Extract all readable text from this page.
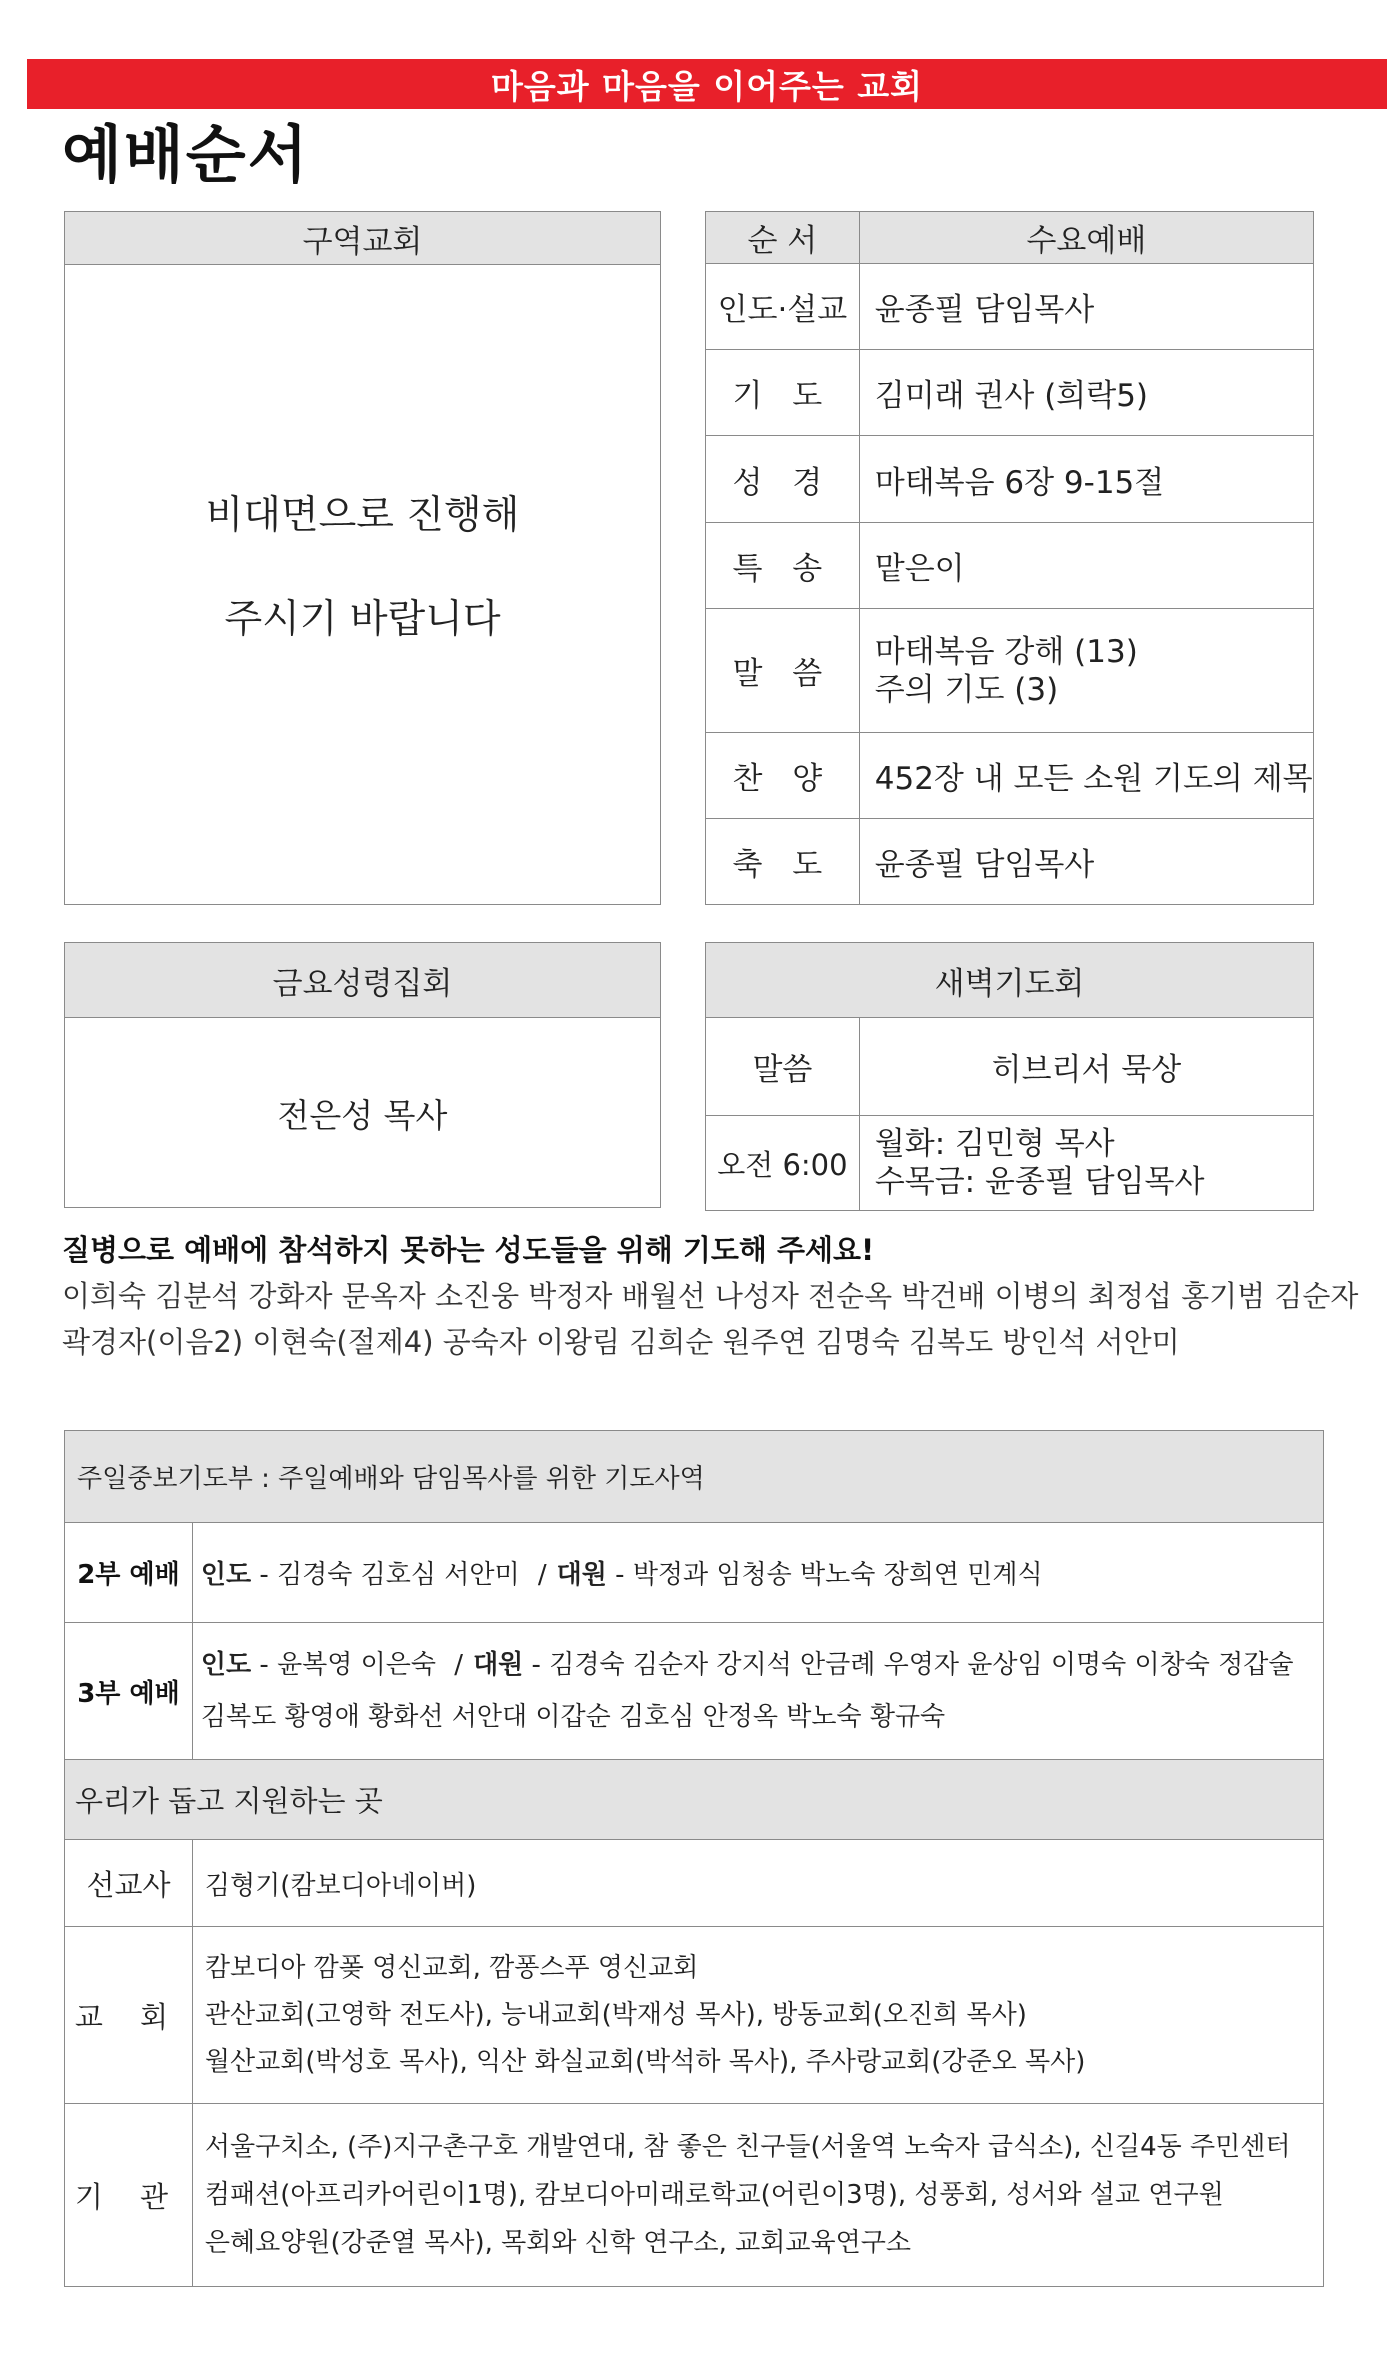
마음과 마음을 이어주는 교회
예배순서
구역교회
비대면으로 진행해
주시기 바랍니다
순 서	수요예배
인도·설교	윤종필 담임목사
기 도	김미래 권사 (희락5)
성 경	마태복음 6장 9-15절
특 송	맡은이
말 씀	마태복음 강해 (13)
주의 기도 (3)

찬 양	452장 내 모든 소원 기도의 제목
축 도	윤종필 담임목사
금요성령집회
전은성 목사
새벽기도회	
말씀	히브리서 묵상
오전 6:00	월화: 김민형 목사
수목금: 윤종필 담임목사
질병으로 예배에 참석하지 못하는 성도들을 위해 기도해 주세요!
이희숙 김분석 강화자 문옥자 소진웅 박정자 배월선 나성자 전순옥 박건배 이병의 최정섭 홍기범 김순자
곽경자(이음2) 이현숙(절제4) 공숙자 이왕림 김희순 원주연 김명숙 김복도 방인석 서안미
주일중보기도부 : 주일예배와 담임목사를 위한 기도사역	
2부 예배	인도 - 김경숙 김호심 서안미 / 대원 - 박정과 임청송 박노숙 장희연 민계식
3부 예배	인도 - 윤복영 이은숙 / 대원 - 김경숙 김순자 강지석 안금례 우영자 윤상임 이명숙 이창숙 정갑술
김복도 황영애 황화선 서안대 이갑순 김호심 안정옥 박노숙 황규숙

우리가 돕고 지원하는 곳	
선교사	김형기(캄보디아네이버)
교 회	캄보디아 깜퐂 영신교회, 깜퐁스푸 영신교회
관산교회(고영학 전도사), 능내교회(박재성 목사), 방동교회(오진희 목사)
월산교회(박성호 목사), 익산 화실교회(박석하 목사), 주사랑교회(강준오 목사)

기 관	서울구치소, (주)지구촌구호 개발연대, 참 좋은 친구들(서울역 노숙자 급식소), 신길4동 주민센터
컴패션(아프리카어린이1명), 캄보디아미래로학교(어린이3명), 성풍회, 성서와 설교 연구원
은혜요양원(강준열 목사), 목회와 신학 연구소, 교회교육연구소
